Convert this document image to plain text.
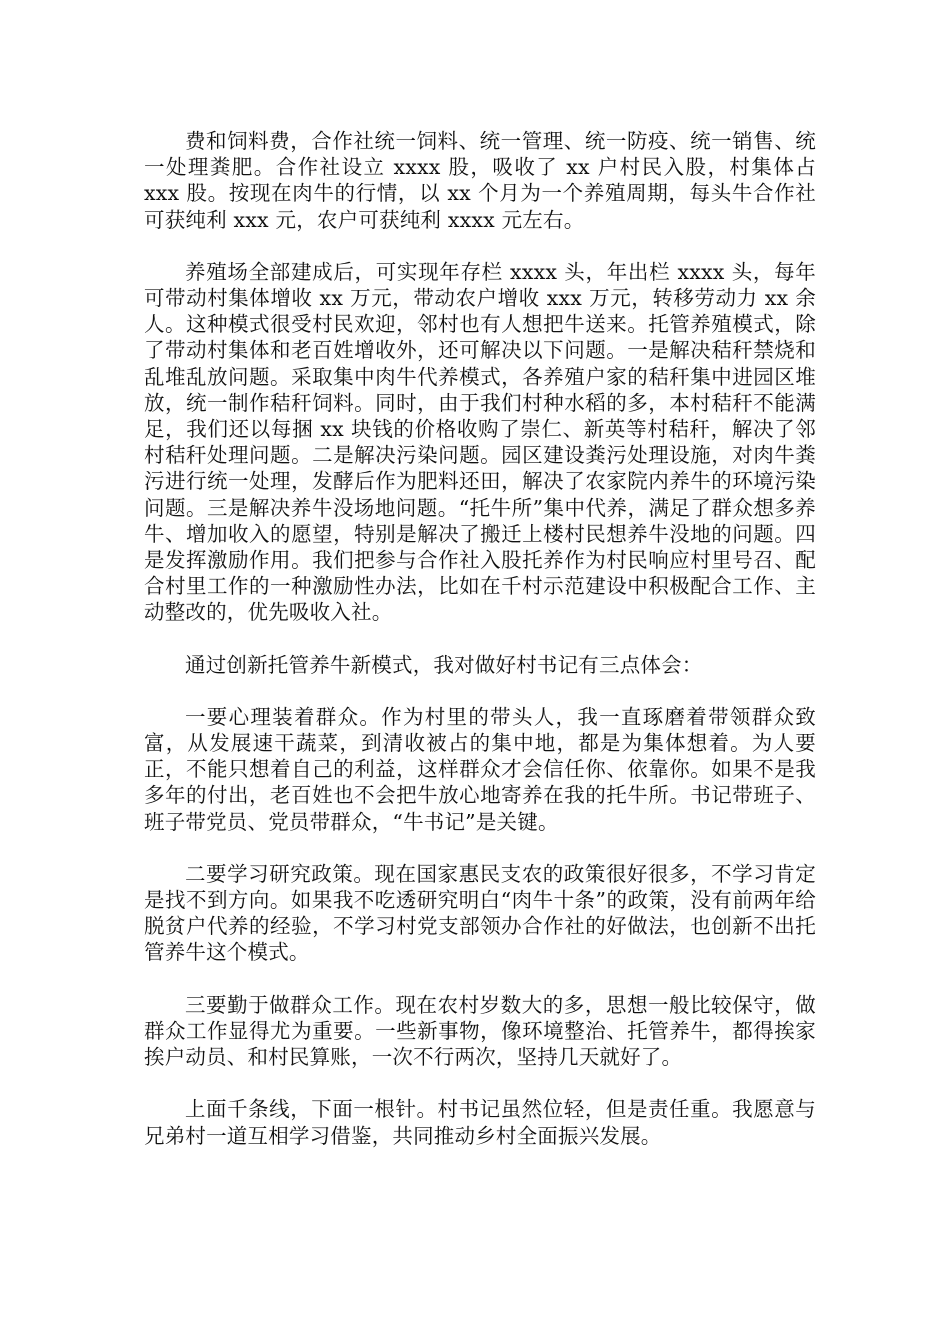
费和饲料费，合作社统一饲料、统一管理、统一防疫、统一销售、统一处理粪肥。合作社设立 xxxx 股，吸收了 xx 户村民入股，村集体占 xxx 股。按现在肉牛的行情，以 xx 个月为一个养殖周期，每头牛合作社可获纯利 xxx 元，农户可获纯利 xxxx 元左右。

养殖场全部建成后，可实现年存栏 xxxx 头，年出栏 xxxx 头，每年可带动村集体增收 xx 万元，带动农户增收 xxx 万元，转移劳动力 xx 余人。这种模式很受村民欢迎，邻村也有人想把牛送来。托管养殖模式，除了带动村集体和老百姓增收外，还可解决以下问题。一是解决秸秆禁烧和乱堆乱放问题。采取集中肉牛代养模式，各养殖户家的秸秆集中进园区堆放，统一制作秸秆饲料。同时，由于我们村种水稻的多，本村秸秆不能满足，我们还以每捆 xx 块钱的价格收购了崇仁、新英等村秸秆，解决了邻村秸秆处理问题。二是解决污染问题。园区建设粪污处理设施，对肉牛粪污进行统一处理，发酵后作为肥料还田，解决了农家院内养牛的环境污染问题。三是解决养牛没场地问题。“托牛所”集中代养，满足了群众想多养牛、增加收入的愿望，特别是解决了搬迁上楼村民想养牛没地的问题。四是发挥激励作用。我们把参与合作社入股托养作为村民响应村里号召、配合村里工作的一种激励性办法，比如在千村示范建设中积极配合工作、主动整改的，优先吸收入社。

通过创新托管养牛新模式，我对做好村书记有三点体会：

一要心理装着群众。作为村里的带头人，我一直琢磨着带领群众致富，从发展速干蔬菜，到清收被占的集中地，都是为集体想着。为人要正，不能只想着自己的利益，这样群众才会信任你、依靠你。如果不是我多年的付出，老百姓也不会把牛放心地寄养在我的托牛所。书记带班子、班子带党员、党员带群众，“牛书记”是关键。

二要学习研究政策。现在国家惠民支农的政策很好很多，不学习肯定是找不到方向。如果我不吃透研究明白“肉牛十条”的政策，没有前两年给脱贫户代养的经验，不学习村党支部领办合作社的好做法，也创新不出托管养牛这个模式。

三要勤于做群众工作。现在农村岁数大的多，思想一般比较保守，做群众工作显得尤为重要。一些新事物，像环境整治、托管养牛，都得挨家挨户动员、和村民算账，一次不行两次，坚持几天就好了。

上面千条线，下面一根针。村书记虽然位轻，但是责任重。我愿意与兄弟村一道互相学习借鉴，共同推动乡村全面振兴发展。
